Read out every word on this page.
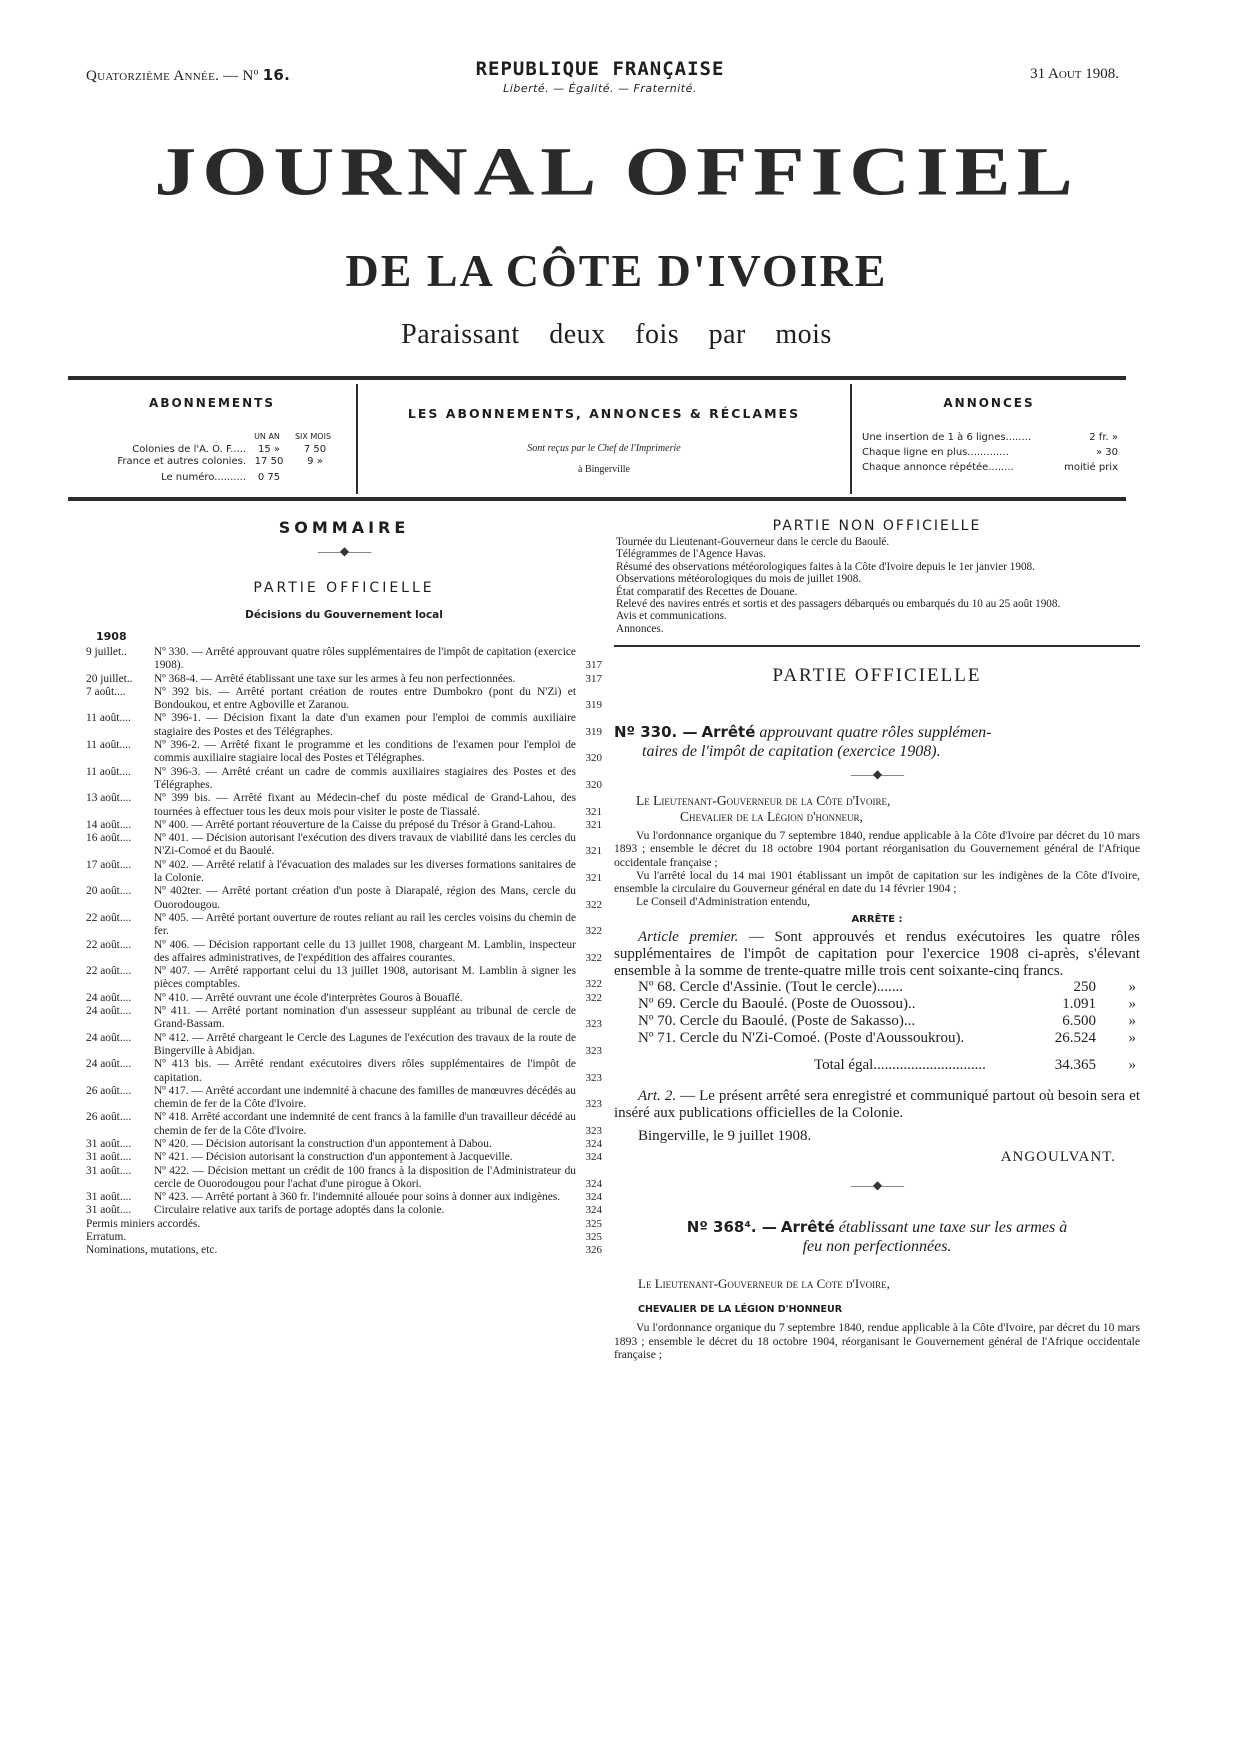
Quatorzième Année. — Nº 16.	REPUBLIQUE FRANÇAISE
Liberté. — Égalité. — Fraternité.
31 Aout 1908.
JOURNAL OFFICIEL
DE LA CÔTE D'IVOIRE
Paraissant deux fois par mois
ABONNEMENTS
UN AN SIX MOIS
Colonies de l'A. O. F..... 15 » 7 50
France et autres colonies. 17 50 9 »
Le numéro.......... 0 75
LES ABONNEMENTS, ANNONCES & RÉCLAMES
Sont reçus par le Chef de l'Imprimerie
à Bingerville
ANNONCES
Une insertion de 1 à 6 lignes........	2 fr. »
Chaque ligne en plus.............	» 30
Chaque annonce répétée........	moitié prix
SOMMAIRE
——◆——
PARTIE OFFICIELLE
Décisions du Gouvernement local
1908
9 juillet..	Nº 330. — Arrêté approuvant quatre rôles supplémentaires de l'impôt de capitation (exercice 1908).	317
20 juillet..	Nº 368-4. — Arrêté établissant une taxe sur les armes à feu non perfectionnées.	317
7 août....	Nº 392 bis. — Arrêté portant création de routes entre Dumbokro (pont du N'Zi) et Bondoukou, et entre Agboville et Zaranou.	319
11 août....	Nº 396-1. — Décision fixant la date d'un examen pour l'emploi de commis auxiliaire stagiaire des Postes et des Télégraphes.	319
11 août....	Nº 396-2. — Arrêté fixant le programme et les conditions de l'examen pour l'emploi de commis auxiliaire stagiaire local des Postes et Télégraphes.	320
11 août....	Nº 396-3. — Arrêté créant un cadre de commis auxiliaires stagiaires des Postes et des Télégraphes.	320
13 août....	Nº 399 bis. — Arrêté fixant au Médecin-chef du poste médical de Grand-Lahou, des tournées à effectuer tous les deux mois pour visiter le poste de Tiassalé.	321
14 août....	Nº 400. — Arrêté portant réouverture de la Caisse du préposé du Trésor à Grand-Lahou.	321
16 août....	Nº 401. — Décision autorisant l'exécution des divers travaux de viabilité dans les cercles du N'Zi-Comoé et du Baoulé.	321
17 août....	Nº 402. — Arrêté relatif à l'évacuation des malades sur les diverses formations sanitaires de la Colonie.	321
20 août....	Nº 402ter. — Arrêté portant création d'un poste à Diarapalé, région des Mans, cercle du Ouorodougou.	322
22 août....	Nº 405. — Arrêté portant ouverture de routes reliant au rail les cercles voisins du chemin de fer.	322
22 août....	Nº 406. — Décision rapportant celle du 13 juillet 1908, chargeant M. Lamblin, inspecteur des affaires administratives, de l'expédition des affaires courantes.	322
22 août....	Nº 407. — Arrêté rapportant celui du 13 juillet 1908, autorisant M. Lamblin à signer les pièces comptables.	322
24 août....	Nº 410. — Arrêté ouvrant une école d'interprètes Gouros à Bouaflé.	322
24 août....	Nº 411. — Arrêté portant nomination d'un assesseur suppléant au tribunal de cercle de Grand-Bassam.	323
24 août....	Nº 412. — Arrêté chargeant le Cercle des Lagunes de l'exécution des travaux de la route de Bingerville à Abidjan.	323
24 août....	Nº 413 bis. — Arrêté rendant exécutoires divers rôles supplémentaires de l'impôt de capitation.	323
26 août....	Nº 417. — Arrêté accordant une indemnité à chacune des familles de manœuvres décédés au chemin de fer de la Côte d'Ivoire.	323
26 août....	Nº 418. Arrêté accordant une indemnité de cent francs à la famille d'un travailleur décédé au chemin de fer de la Côte d'Ivoire.	323
31 août....	Nº 420. — Décision autorisant la construction d'un appontement à Dabou.	324
31 août....	Nº 421. — Décision autorisant la construction d'un appontement à Jacqueville.	324
31 août....	Nº 422. — Décision mettant un crédit de 100 francs à la disposition de l'Administrateur du cercle de Ouorodougou pour l'achat d'une pirogue à Okori.	324
31 août....	Nº 423. — Arrêté portant à 360 fr. l'indemnité allouée pour soins à donner aux indigènes.	324
31 août....	Circulaire relative aux tarifs de portage adoptés dans la colonie.	324
Permis miniers accordés.	325
Erratum.	325
Nominations, mutations, etc.	326
PARTIE NON OFFICIELLE
Tournée du Lieutenant-Gouverneur dans le cercle du Baoulé.
Télégrammes de l'Agence Havas.
Résumé des observations météorologiques faites à la Côte d'Ivoire depuis le 1er janvier 1908.
Observations météorologiques du mois de juillet 1908.
État comparatif des Recettes de Douane.
Relevé des navires entrés et sortis et des passagers débarqués ou embarqués du 10 au 25 août 1908.
Avis et communications.
Annonces.
PARTIE OFFICIELLE
Nº 330. — Arrêté approuvant quatre rôles supplémen-
taires de l'impôt de capitation (exercice 1908).
——◆——
Le Lieutenant-Gouverneur de la Côte d'Ivoire,
Chevalier de la Légion d'honneur,
Vu l'ordonnance organique du 7 septembre 1840, rendue applicable à la Côte d'Ivoire par décret du 10 mars 1893 ; ensemble le décret du 18 octobre 1904 portant réorganisation du Gouvernement général de l'Afrique occidentale française ;
Vu l'arrêté local du 14 mai 1901 établissant un impôt de capitation sur les indigènes de la Côte d'Ivoire, ensemble la circulaire du Gouverneur général en date du 14 février 1904 ;
Le Conseil d'Administration entendu,
ARRÊTE :
Article premier. — Sont approuvés et rendus exécutoires les quatre rôles supplémentaires de l'impôt de capitation pour l'exercice 1908 ci-après, s'élevant ensemble à la somme de trente-quatre mille trois cent soixante-cinq francs.
Nº 68. Cercle d'Assinie. (Tout le cercle).......	250 »
Nº 69. Cercle du Baoulé. (Poste de Ouossou)..	1.091 »
Nº 70. Cercle du Baoulé. (Poste de Sakasso)...	6.500 »
Nº 71. Cercle du N'Zi-Comoé. (Poste d'Aoussoukrou).	26.524 »
Total égal..............................	34.365 »
Art. 2. — Le présent arrêté sera enregistré et communiqué partout où besoin sera et inséré aux publications officielles de la Colonie.
Bingerville, le 9 juillet 1908.
ANGOULVANT.
——◆——
Nº 368⁴. — Arrêté établissant une taxe sur les armes à
feu non perfectionnées.
Le Lieutenant-Gouverneur de la Cote d'Ivoire,
CHEVALIER DE LA LÉGION D'HONNEUR
Vu l'ordonnance organique du 7 septembre 1840, rendue applicable à la Côte d'Ivoire, par décret du 10 mars 1893 ; ensemble le décret du 18 octobre 1904, réorganisant le Gouvernement général de l'Afrique occidentale française ;
